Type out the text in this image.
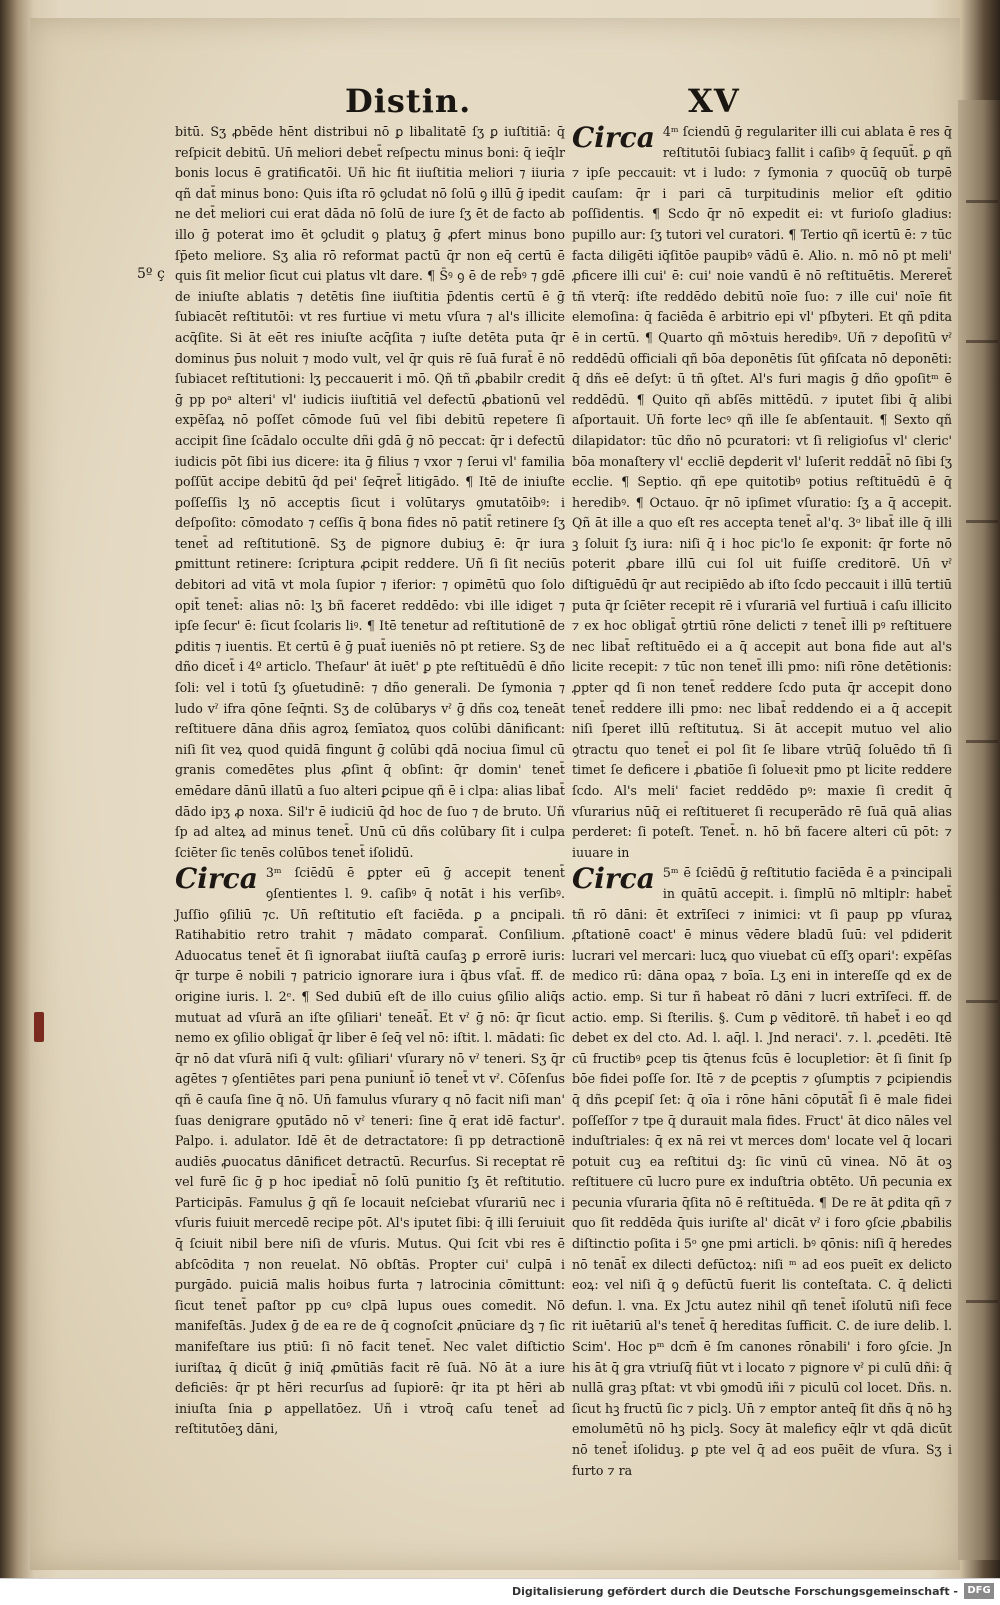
Distin.	XV
5º ç

bitū. Sʒ ꝓbēde hēnt distribui nō ꝑ libalitatē ſʒ ꝑ iuſtitiā: q̄ reſpicit debitū. Un̄ meliori debet̄ reſpectu minus boni: q̄ ieq̄lr bonis locus ē gratificatōi. Uñ hic fit iiuſtitia meliori ⁊ iiuria qñ dat̄ minus bono: Quis iſta rō ꝯcludat nō ſolū ꝯ illū ḡ ipedit ne det̄ meliori cui erat dāda nō ſolū de iure ſʒ ēt de facto ab illo ḡ poterat imo ēt ꝯcludit ꝯ platuʒ ḡ ꝓfert minus bono ſp̄eto meliore. Sʒ alia rō reformat pactū q̄r non eq̄ certū ē quis ſit melior ſicut cui platus vlt dare. ¶ S̄ꝰ ꝯ ē de reb̄ꝰ ⁊ gdē de iniuſte ablatis ⁊ detētis ſine iiuſtitia p̄dentis certū ē ḡ ſubiacēt reſtitutōi: vt res furtiue vi metu vſura ⁊ al's illicite acq̄ſite. Si āt eēt res iniuſte acq̄ſita ⁊ iuſte detēta puta q̄r dominus p̄us noluit ⁊ modo vult, vel q̄r quis rē ſuā furat̄ ē nō ſubiacet reſtitutioni: lʒ peccauerit i mō. Qñ tñ ꝓbabilr credit ḡ pp poᵃ alteri' vl' iudicis iiuſtitiā vel defectū ꝓbationū vel expēſaꝝ nō poſſet cōmode ſuū vel ſibi debitū repetere ſi accipit ſine ſcādalo occulte dñi gdā ḡ nō peccat: q̄r i defectū iudicis pōt ſibi ius dicere: ita ḡ filius ⁊ vxor ⁊ ſerui vl' familia poſſūt accipe debitū q̄d pei' ſeq̄ret̄ litigādo. ¶ Itē de iniuſte poſſeſſis lʒ nō acceptis ſicut i volūtarys ꝯmutatōibꝰ: i deſpoſito: cōmodato ⁊ ceſſis q̄ bona fides nō patit̄ retinere ſʒ tenet̄ ad reſtitutionē. Sʒ de pignore dubiuʒ ē: q̄r iura ꝑmittunt retinere: ſcriptura ꝓcipit reddere. Uñ ſi ſit neciūs debitori ad vitā vt mola ſupior ⁊ iferior: ⁊ opimētū quo ſolo opit̄ tenet̄: alias nō: lʒ bñ faceret reddēdo: vbi ille idiget ⁊ ipſe ſecur' ē: ſicut ſcolaris liꝰ. ¶ Itē tenetur ad reſtitutionē de ꝑditis ⁊ iuentis. Et certū ē ḡ puat̄ iueniēs nō pt retiere. Sʒ de dño dicet̄ i 4º articlo. Theſaur' āt iuēt' ꝑ pte reſtituēdū ē dño ſoli: vel i totū ſʒ ꝯſuetudinē: ⁊ dño generali. De ſymonia ⁊ ludo vˀ ifra qōne ſeq̄nti. Sʒ de colūbarys vˀ ḡ dñs coꝝ teneāt reſtituere dāna dñis agroꝝ ſemīatoꝝ quos colūbi dānificant: niſi ſit veꝝ quod quidā fingunt ḡ colūbi qdā nociua ſimul cū granis comedētes plus ꝓſint q̄ obſint: q̄r domin' tenet̄ emēdare dānū illatū a ſuo alteri ꝑcipue qñ ē i clpa: alias libat̄ dādo ipʒ ꝓ noxa. Sil'r ē iudiciū q̄d hoc de ſuo ⁊ de bruto. Uñ ſp ad alteꝝ ad minus tenet̄. Unū cū dñs colūbary ſit i culpa ſciēter ſic tenēs colūbos tenet̄ iſolidū.

Circa 3ᵐ ſciēdū ē ꝑpter eū ḡ accepit tenent̄ ꝯſentientes l. 9. caſibꝰ q̄ notāt i his verſibꝰ. Juſſio ꝯſiliū ⁊c. Un̄ reſtitutio eſt faciēda. ꝑ a ꝑncipali. Ratihabitio retro trahit ⁊ mādato comparat̄. Conſilium. Aduocatus tenet̄ ēt ſi ignorabat iiuſtā cauſaꝫ ꝑ errorē iuris: q̄r turpe ē nobili ⁊ patricio ignorare iura i q̄bus vſat̄. ff. de origine iuris. l. 2ᵉ. ¶ Sed dubiū eſt de illo cuius ꝯſilio aliq̄s mutuat ad vſurā an iſte ꝯſiliari' teneāt̄. Et vˀ ḡ nō: q̄r ſicut nemo ex ꝯſilio obligat̄ q̄r liber ē ſeq̄ vel nō: iſtit. l. mādati: ſic q̄r nō dat vſurā niſi q̄ vult: ꝯſiliari' vſurary nō vˀ teneri. Sʒ q̄r agētes ⁊ ꝯſentiētes pari pena puniunt̄ iō tenet̄ vt vˀ. Cōſenſus qñ ē cauſa ſine q̄ nō. Un̄ famulus vſurary q nō facit niſi man' ſuas denigrare ꝯputādo nō vˀ teneri: ſine q̄ erat idē factur'. Palpo. i. adulator. Idē ēt de detractatore: ſi pp detractionē audiēs ꝓuocatus dānificet detractū. Recurſus. Si receptat rē vel furē ſic ḡ p hoc ipediat̄ nō ſolū punitio ſʒ ēt reſtitutio. Participās. Famulus ḡ qñ ſe locauit neſciebat vſurariū nec i vſuris fuiuit mercedē recipe pōt. Al's iputet ſibi: q̄ illi ſeruiuit q̄ ſciuit nibil bere niſi de vſuris. Mutus. Qui ſcit vbi res ē abſcōdita ⁊ non reuelat. Nō obſtās. Propter cui' culpā i purgādo. puiciā malis hoibus furta ⁊ latrocinia cōmittunt: ſicut tenet̄ paſtor pp cuꝰ clpā lupus oues comedit. Nō manifeſtās. Judex ḡ de ea re de q̄ cognoſcit ꝓnūciare dꝫ ⁊ ſic manifeſtare ius ptiū: ſi nō facit tenet̄. Nec valet diſtictio iuriſtaꝝ q̄ dicūt ḡ iniq̄ ꝓmūtiās facit rē ſuā. Nō āt a iure deficiēs: q̄r pt hēri recurſus ad ſupiorē: q̄r ita pt hēri ab iniuſta ſnia ꝑ appellatōez. Uñ i vtroq̄ caſu tenet̄ ad reſtitutōeʒ dāni,

Circa 4ᵐ ſciendū ḡ regulariter illi cui ablata ē res q̄ reſtitutōi ſubiacꝫ fallit i caſibꝰ q̄ ſequūt̄. ꝑ qñ ⁊ ipſe peccauit: vt i ludo: ⁊ ſymonia ⁊ quocūq̄ ob turpē cauſam: q̄r i pari cā turpitudinis melior eſt ꝯditio poſſidentis. ¶ Scdo q̄r nō expedit ei: vt furioſo gladius: pupillo aur: ſʒ tutori vel curatori. ¶ Tertio qñ icertū ē: ⁊ tūc facta diligēti iq̄ſitōe paupibꝰ vādū ē. Alio. n. mō nō pt meli' ꝓficere illi cui' ē: cui' noie vandū ē nō reſtituētis. Mereret̄ tñ vterq̄: iſte reddēdo debitū noīe ſuo: ⁊ ille cui' noīe fit elemoſina: q̄ faciēda ē arbitrio epi vl' pſbyteri. Et qñ pdita ē in certū. ¶ Quarto qñ mōꝛtuis heredibꝰ. Uñ ⁊ depoſitū vˀ reddēdū officiali qñ bōa deponētis ſūt ꝯfiſcata nō deponēti: q̄ dñs eē deſyt: ū tñ ꝯſtet. Al's furi magis ḡ dño ꝯpoſitᵐ ē reddēdū. ¶ Quito qñ abſēs mittēdū. ⁊ iputet ſibi q̄ alibi aſportauit. Un̄ forte lecꝰ qñ ille ſe abſentauit. ¶ Sexto qñ dilapidator: tūc dño nō pcuratori: vt ſi religioſus vl' cleric' bōa monaſtery vl' eccliē deꝑderit vl' luſerit reddāt̄ nō ſibi ſʒ ecclie. ¶ Septio. qñ epe quitotibꝰ potius reſtituēdū ē q̄ heredibꝰ. ¶ Octauo. q̄r nō ipſimet vſuratio: ſʒ a q̄ accepit. Qñ āt ille a quo eſt res accepta tenet̄ al'q. 3ᵒ libat̄ ille q̄ illi ꝫ ſoluit ſʒ iura: niſi q̄ i hoc pic'lo ſe exponit: q̄r forte nō poterit ꝓbare illū cui ſol uit fuiſſe creditorē. Un̄ vˀ diſtiguēdū q̄r aut recipiēdo ab iſto ſcdo peccauit i illū tertiū puta q̄r ſciēter recepit rē i vſurariā vel furtiuā i caſu illicito ⁊ ex hoc obligat̄ ꝯtrtiū rōne delicti ⁊ tenet̄ illi pꝰ reſtituere nec libat̄ reſtituēdo ei a q̄ accepit aut bona fide aut al's licite recepit: ⁊ tūc non tenet̄ illi pmo: niſi rōne detētionis: ꝓpter qd ſi non tenet̄ reddere ſcdo puta q̄r accepit dono tenet̄ reddere illi pmo: nec libat̄ reddendo ei a q̄ accepit niſi ſperet illū reſtitutuꝝ. Si āt accepit mutuo vel alio ꝯtractu quo tenet̄ ei pol ſit ſe libare vtrūq̄ ſoluēdo tñ ſi timet ſe deficere i ꝓbatiōe ſi ſolueꝛit pmo pt licite reddere ſcdo. Al's meli' faciet reddēdo pꝰ: maxie ſi credit q̄ vſurarius nūq̄ ei reſtitueret ſi recuperādo rē ſuā quā alias perderet: ſi poteſt. Tenet̄. n. hō bñ facere alteri cū pōt: ⁊ iuuare in

Circa 5ᵐ ē ſciēdū ḡ reſtitutio faciēda ē a pꝛincipali in quātū accepit. i. ſimplū nō mltiplr: habet̄ tñ rō dāni: ēt extrīſeci ⁊ inimici: vt ſi paup pp vſuraꝝ ꝓſtationē coact' ē minus vēdere bladū ſuū: vel pdiderit lucrari vel mercari: lucꝝ quo viuebat cū eſſʒ opari': expēſas medico rū: dāna opaꝝ ⁊ boīa. Lʒ eni in intereſſe qd ex de actio. emp. Si tur ñ habeat rō dāni ⁊ lucri extrīſeci. ff. de actio. emp. Si ſterilis. §. Cum ꝑ vēditorē. tñ habet̄ i eo qd debet ex del cto. Ad. l. aq̄l. l. Jnd neraci'. ⁊. l. ꝓcedēti. Itē cū fructibꝰ ꝑcep tis q̄tenus fcūs ē locupletior: ēt ſi ſinit ſp bōe fidei poſſe ſor. Itē ⁊ de ꝑceptis ⁊ ꝯſumptis ⁊ ꝑcipiendis q̄ dñs ꝑcepiſ ſet: q̄ oīa i rōne hāni cōputāt̄ ſi ē male fidei poſſeſſor ⁊ tpe q̄ durauit mala fides. Fruct' āt dico nāles vel induſtriales: q̄ ex nā rei vt merces dom' locate vel q̄ locari potuit cuꝫ ea reſtitui dꝫ: ſic vinū cū vinea. Nō āt oꝫ reſtituere cū lucro pure ex induſtria obtēto. Un̄ pecunia ex pecunia vſuraria q̄ſita nō ē reſtituēda. ¶ De re āt ꝑdita qñ ⁊ quo ſit reddēda q̄uis iuriſte al' dicāt vˀ i foro ꝯſcie ꝓbabilis diſtinctio poſita i 5ᵒ ꝯne pmi articli. bꝰ qōnis: niſi q̄ heredes nō tenāt̄ ex dilecti defūctoꝝ: niſi ᵐ ad eos pueīt ex delicto eoꝝ: vel niſi q̄ ꝯ defūctū fuerit lis conteſtata. C. q̄ delicti defun. l. vna. Ex Jctu autez nihil qñ tenet̄ iſolutū niſi fece rit iuētariū al's tenet̄ q̄ hereditas ſufficit. C. de iure delib. l. Scim'. Hoc pᵐ dcm̄ ē ſm canones rōnabili' i foro ꝯſcie. Jn his āt q̄ gra vtriuſq̄ fiūt vt i locato ⁊ pignore vˀ pi culū dñi: q̄ nullā graꝫ pſtat: vt vbi ꝯmodū iñi ⁊ piculū col locet. Dñs. n. ſicut hꝫ fructū ſic ⁊ piclꝫ. Un̄ ⁊ emptor anteq̄ ſit dñs q̄ nō hꝫ emolumētū nō hꝫ piclꝫ. Socy āt maleficy eq̄lr vt qdā dicūt nō tenet̄ iſoliduꝫ. ꝑ pte vel q̄ ad eos puēit de vſura. Sʒ i furto ⁊ ra

Digitalisierung gefördert durch die Deutsche Forschungsgemeinschaft - DFG
